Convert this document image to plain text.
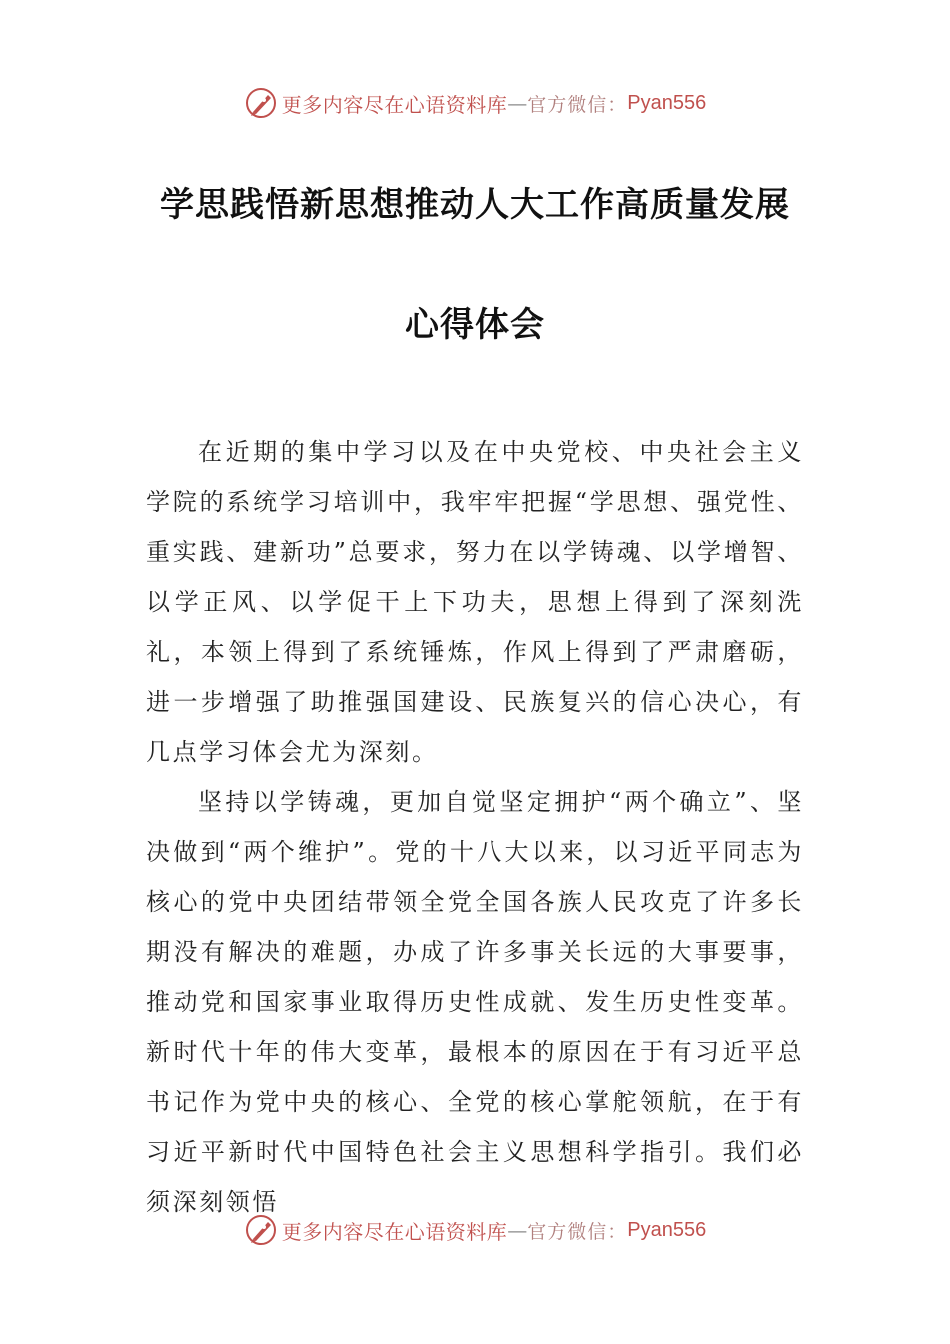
更多内容尽在心语资料库 — 官方微信： Pyan556
学思践悟新思想推动人大工作高质量发展
心得体会

在近期的集中学习以及在中央党校、中央社会主义学院的系统学习培训中，我牢牢把握“学思想、强党性、重实践、建新功”总要求，努力在以学铸魂、以学增智、以学正风、以学促干上下功夫，思想上得到了深刻洗礼，本领上得到了系统锤炼，作风上得到了严肃磨砺，进一步增强了助推强国建设、民族复兴的信心决心，有几点学习体会尤为深刻。

坚持以学铸魂，更加自觉坚定拥护“两个确立”、坚决做到“两个维护”。党的十八大以来，以习近平同志为核心的党中央团结带领全党全国各族人民攻克了许多长期没有解决的难题，办成了许多事关长远的大事要事，推动党和国家事业取得历史性成就、发生历史性变革。新时代十年的伟大变革，最根本的原因在于有习近平总书记作为党中央的核心、全党的核心掌舵领航，在于有习近平新时代中国特色社会主义思想科学指引。我们必须深刻领悟

更多内容尽在心语资料库 — 官方微信： Pyan556
